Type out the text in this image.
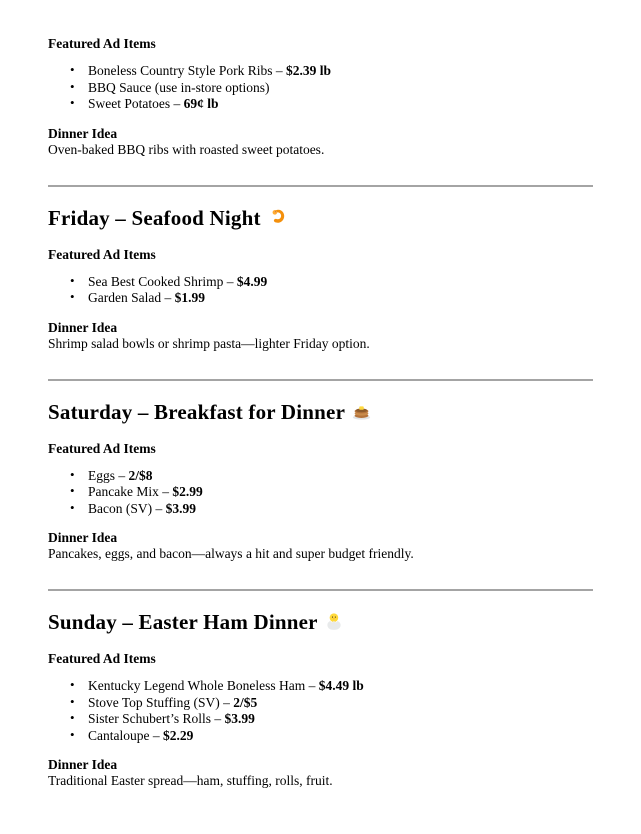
Featured Ad Items

• Boneless Country Style Pork Ribs – $2.39 lb
• BBQ Sauce (use in-store options)
• Sweet Potatoes – 69¢ lb

Dinner Idea

Oven-baked BBQ ribs with roasted sweet potatoes.

Friday – Seafood Night

Featured Ad Items

• Sea Best Cooked Shrimp – $4.99
• Garden Salad – $1.99

Dinner Idea

Shrimp salad bowls or shrimp pasta—lighter Friday option.

Saturday – Breakfast for Dinner

Featured Ad Items

• Eggs – 2/$8
• Pancake Mix – $2.99
• Bacon (SV) – $3.99

Dinner Idea

Pancakes, eggs, and bacon—always a hit and super budget friendly.

Sunday – Easter Ham Dinner

Featured Ad Items

• Kentucky Legend Whole Boneless Ham – $4.49 lb
• Stove Top Stuffing (SV) – 2/$5
• Sister Schubert’s Rolls – $3.99
• Cantaloupe – $2.29

Dinner Idea

Traditional Easter spread—ham, stuffing, rolls, fruit.
